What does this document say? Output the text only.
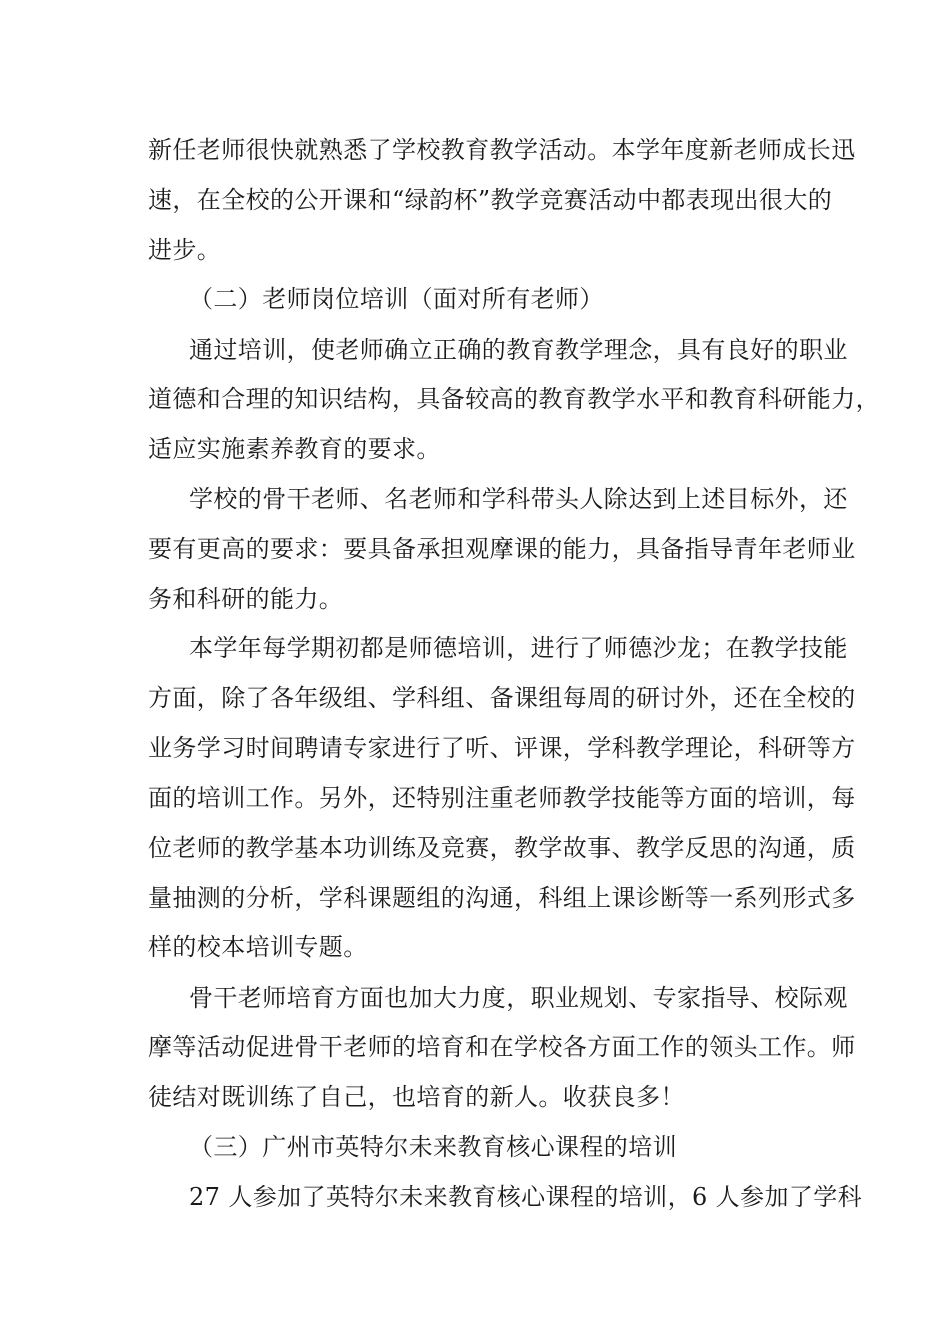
新任老师很快就熟悉了学校教育教学活动。本学年度新老师成长迅
速，在全校的公开课和“绿韵杯”教学竞赛活动中都表现出很大的
进步。
（二）老师岗位培训（面对所有老师）
通过培训，使老师确立正确的教育教学理念，具有良好的职业
道德和合理的知识结构，具备较高的教育教学水平和教育科研能力，
适应实施素养教育的要求。
学校的骨干老师、名老师和学科带头人除达到上述目标外，还
要有更高的要求：要具备承担观摩课的能力，具备指导青年老师业
务和科研的能力。
本学年每学期初都是师德培训，进行了师德沙龙；在教学技能
方面，除了各年级组、学科组、备课组每周的研讨外，还在全校的
业务学习时间聘请专家进行了听、评课，学科教学理论，科研等方
面的培训工作。另外，还特别注重老师教学技能等方面的培训，每
位老师的教学基本功训练及竞赛，教学故事、教学反思的沟通，质
量抽测的分析，学科课题组的沟通，科组上课诊断等一系列形式多
样的校本培训专题。
骨干老师培育方面也加大力度，职业规划、专家指导、校际观
摩等活动促进骨干老师的培育和在学校各方面工作的领头工作。师
徒结对既训练了自己，也培育的新人。收获良多！
（三）广州市英特尔未来教育核心课程的培训
27 人参加了英特尔未来教育核心课程的培训，6 人参加了学科
